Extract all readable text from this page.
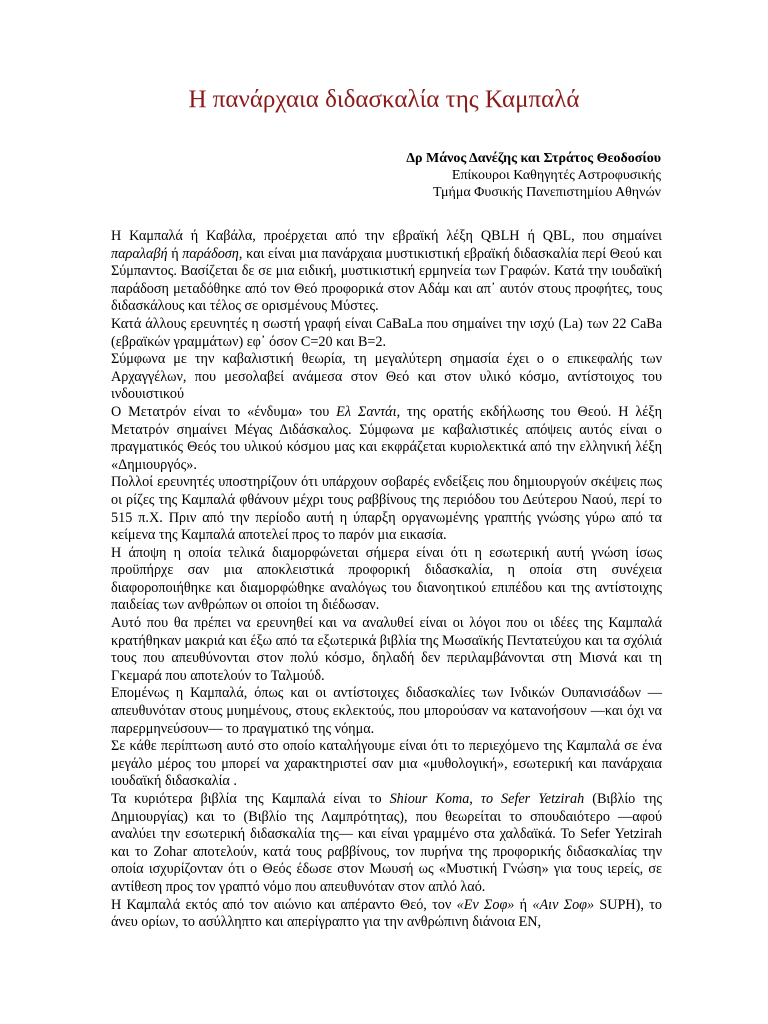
Η πανάρχαια διδασκαλία της Καμπαλά
Δρ Μάνος Δανέζης και Στράτος Θεοδοσίου
Επίκουροι Καθηγητές Αστροφυσικής
Τμήμα Φυσικής Πανεπιστημίου Αθηνών

Η Καμπαλά ή Καβάλα, προέρχεται από την εβραϊκή λέξη QBLH ή QBL, που σημαίνει παραλαβή ή παράδοση, και είναι μια πανάρχαια μυστικιστική εβραϊκή διδασκαλία περί Θεού και Σύμπαντος. Βασίζεται δε σε μια ειδική, μυστικιστική ερμηνεία των Γραφών. Κατά την ιουδαϊκή παράδοση μεταδόθηκε από τον Θεό προφορικά στον Αδάμ και απ᾽ αυτόν στους προφήτες, τους διδασκάλους και τέλος σε ορισμένους Μύστες.

Κατά άλλους ερευνητές η σωστή γραφή είναι CaBaLa που σημαίνει την ισχύ (La) των 22 CaBa (εβραϊκών γραμμάτων) εφ᾽ όσον C=20 και B=2.

Σύμφωνα με την καβαλιστική θεωρία, τη μεγαλύτερη σημασία έχει ο ο επικεφαλής των Αρχαγγέλων, που μεσολαβεί ανάμεσα στον Θεό και στον υλικό κόσμο, αντίστοιχος του ινδουιστικού

Ο Μετατρόν είναι το «ένδυμα» του Ελ Σαντάι, της ορατής εκδήλωσης του Θεού. Η λέξη Μετατρόν σημαίνει Μέγας Διδάσκαλος. Σύμφωνα με καβαλιστικές απόψεις αυτός είναι ο πραγματικός Θεός του υλικού κόσμου μας και εκφράζεται κυριολεκτικά από την ελληνική λέξη «Δημιουργός».

Πολλοί ερευνητές υποστηρίζουν ότι υπάρχουν σοβαρές ενδείξεις που δημιουργούν σκέψεις πως οι ρίζες της Καμπαλά φθάνουν μέχρι τους ραββίνους της περιόδου του Δεύτερου Ναού, περί το 515 π.Χ. Πριν από την περίοδο αυτή η ύπαρξη οργανωμένης γραπτής γνώσης γύρω από τα κείμενα της Καμπαλά αποτελεί προς το παρόν μια εικασία.

Η άποψη η οποία τελικά διαμορφώνεται σήμερα είναι ότι η εσωτερική αυτή γνώση ίσως προϋπήρχε σαν μια αποκλειστικά προφορική διδασκαλία, η οποία στη συνέχεια διαφοροποιήθηκε και διαμορφώθηκε αναλόγως του διανοητικού επιπέδου και της αντίστοιχης παιδείας των ανθρώπων οι οποίοι τη διέδωσαν.

Αυτό που θα πρέπει να ερευνηθεί και να αναλυθεί είναι οι λόγοι που οι ιδέες της Καμπαλά κρατήθηκαν μακριά και έξω από τα εξωτερικά βιβλία της Μωσαϊκής Πεντατεύχου και τα σχόλιά τους που απευθύνονται στον πολύ κόσμο, δηλαδή δεν περιλαμβάνονται στη Μισνά και τη Γκεμαρά που αποτελούν το Ταλμούδ.

Επομένως η Καμπαλά, όπως και οι αντίστοιχες διδασκαλίες των Ινδικών Ουπανισάδων —απευθυνόταν στους μυημένους, στους εκλεκτούς, που μπορούσαν να κατανοήσουν —και όχι να παρερμηνεύσουν— το πραγματικό της νόημα.

Σε κάθε περίπτωση αυτό στο οποίο καταλήγουμε είναι ότι το περιεχόμενο της Καμπαλά σε ένα μεγάλο μέρος του μπορεί να χαρακτηριστεί σαν μια «μυθολογική», εσωτερική και πανάρχαια ιουδαϊκή διδασκαλία .

Τα κυριότερα βιβλία της Καμπαλά είναι το Shiour Koma, το Sefer Yetzirah (Βιβλίο της Δημιουργίας) και το (Βιβλίο της Λαμπρότητας), που θεωρείται το σπουδαιότερο —αφού αναλύει την εσωτερική διδασκαλία της— και είναι γραμμένο στα χαλδαϊκά. Το Sefer Yetzirah και το Zohar αποτελούν, κατά τους ραββίνους, τον πυρήνα της προφορικής διδασκαλίας την οποία ισχυρίζονταν ότι ο Θεός έδωσε στον Μωυσή ως «Μυστική Γνώση» για τους ιερείς, σε αντίθεση προς τον γραπτό νόμο που απευθυνόταν στον απλό λαό.

Η Καμπαλά εκτός από τον αιώνιο και απέραντο Θεό, τον «Εν Σοφ» ή «Αιν Σοφ» SUPH), το άνευ ορίων, το ασύλληπτο και απερίγραπτο για την ανθρώπινη διάνοια ΕΝ,
